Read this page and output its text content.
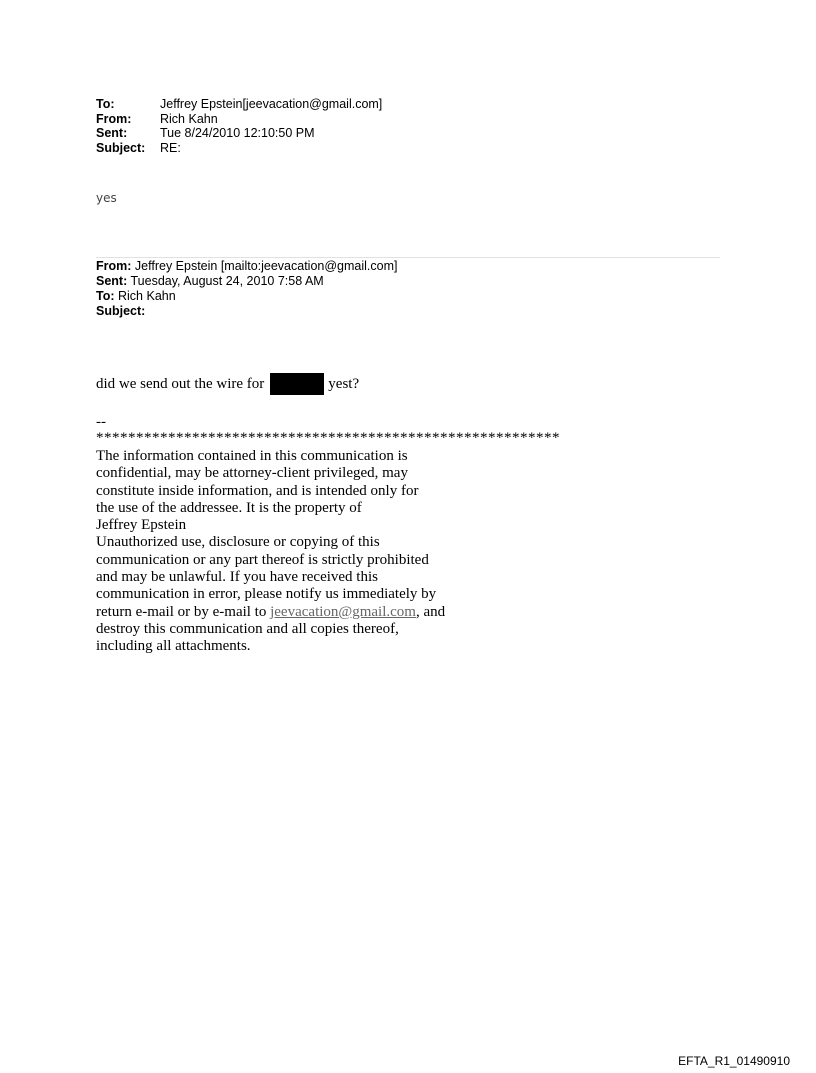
To:	Jeffrey Epstein[jeevacation@gmail.com]
From:	Rich Kahn
Sent:	Tue 8/24/2010 12:10:50 PM
Subject:	RE:
yes
From: Jeffrey Epstein [mailto:jeevacation@gmail.com]
Sent: Tuesday, August 24, 2010 7:58 AM
To: Rich Kahn
Subject:
did we send out the wire for	yest?
--
**********************************************************
The information contained in this communication is
confidential, may be attorney-client privileged, may
constitute inside information, and is intended only for
the use of the addressee. It is the property of
Jeffrey Epstein
Unauthorized use, disclosure or copying of this
communication or any part thereof is strictly prohibited
and may be unlawful. If you have received this
communication in error, please notify us immediately by
return e-mail or by e-mail to jeevacation@gmail.com, and
destroy this communication and all copies thereof,
including all attachments.
EFTA_R1_01490910
